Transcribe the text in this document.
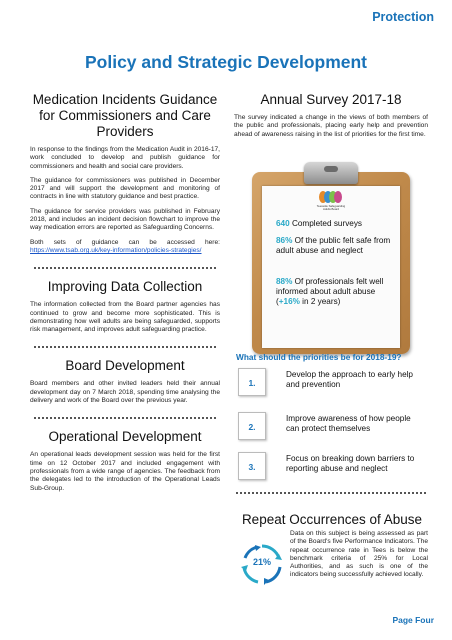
Protection
Policy and Strategic Development
Medication Incidents Guidance for Commissioners and Care Providers

In response to the findings from the Medication Audit in 2016-17, work concluded to develop and publish guidance for commissioners and health and social care providers.

The guidance for commissioners was published in December 2017 and will support the development and monitoring of contracts in line with statutory guidance and best practice.

The guidance for service providers was published in February 2018, and includes an incident decision flowchart to improve the way medication errors are reported as Safeguarding Concerns.

Both sets of guidance can be accessed here: https://www.tsab.org.uk/key-information/policies-strategies/

Improving Data Collection

The information collected from the Board partner agencies has continued to grow and become more sophisticated. This is demonstrating how well adults are being safeguarded, supports risk management, and improves adult safeguarding practice.

Board Development

Board members and other invited leaders held their annual development day on 7 March 2018, spending time analysing the delivery and work of the Board over the previous year.

Operational Development

An operational leads development session was held for the first time on 12 October 2017 and included engagement with professionals from a wide range of agencies. The feedback from the delegates led to the introduction of the Operational Leads Sub-Group.

Annual Survey 2017-18

The survey indicated a change in the views of both members of the public and professionals, placing early help and prevention ahead of awareness raising in the list of priorities for the first time.

Teesside Safeguarding Adults Board
640 Completed surveys
86% Of the public felt safe from adult abuse and neglect
88% Of professionals felt well informed about adult abuse (+16% in 2 years)
What should the priorities be for 2018-19?
1.
Develop the approach to early help and prevention
2.
Improve awareness of how people can protect themselves
3.
Focus on breaking down barriers to reporting abuse and neglect
Repeat Occurrences of Abuse
21%
Data on this subject is being assessed as part of the Board's five Performance Indicators. The repeat occurrence rate in Tees is below the benchmark criteria of 25% for Local Authorities, and as such is one of the indicators being successfully achieved locally.
Page Four
